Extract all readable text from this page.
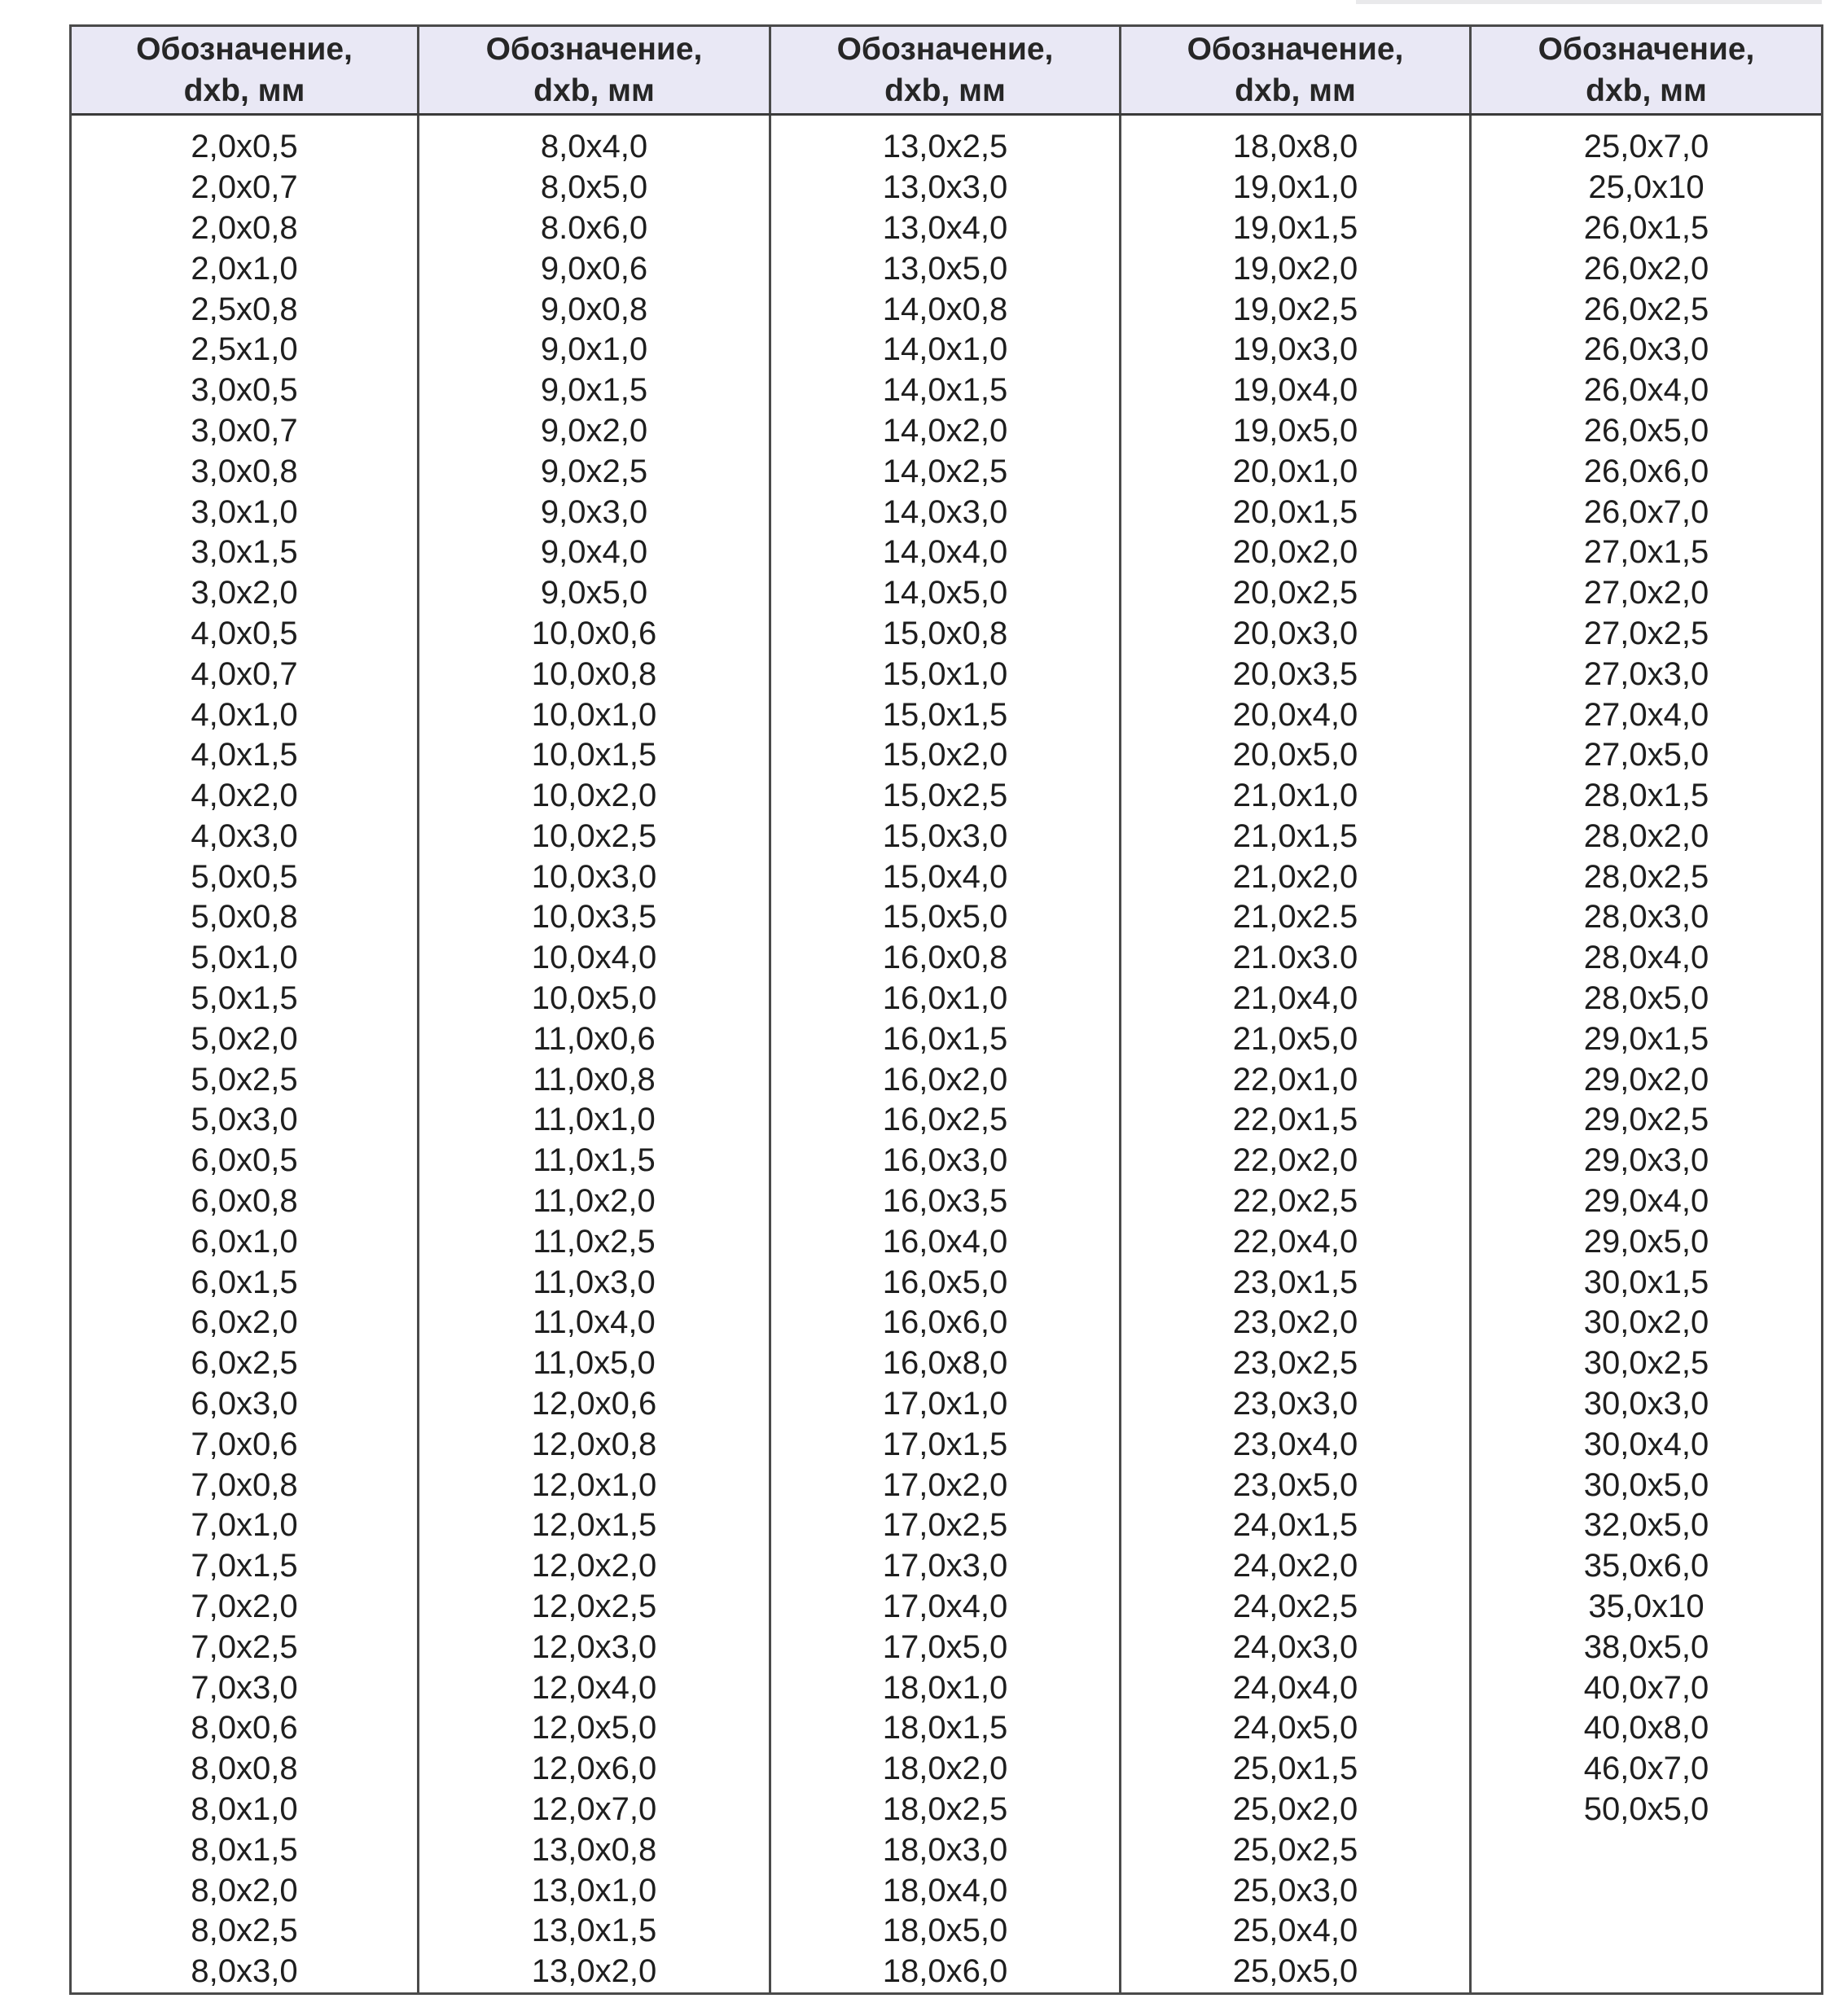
Обозначение,
dxb, мм
Обозначение,
dxb, мм
Обозначение,
dxb, мм
Обозначение,
dxb, мм
Обозначение,
dxb, мм
2,0x0,5
2,0x0,7
2,0x0,8
2,0x1,0
2,5x0,8
2,5x1,0
3,0x0,5
3,0x0,7
3,0x0,8
3,0x1,0
3,0x1,5
3,0x2,0
4,0x0,5
4,0x0,7
4,0x1,0
4,0x1,5
4,0x2,0
4,0x3,0
5,0x0,5
5,0x0,8
5,0x1,0
5,0x1,5
5,0x2,0
5,0x2,5
5,0x3,0
6,0x0,5
6,0x0,8
6,0x1,0
6,0x1,5
6,0x2,0
6,0x2,5
6,0x3,0
7,0x0,6
7,0x0,8
7,0x1,0
7,0x1,5
7,0x2,0
7,0x2,5
7,0x3,0
8,0x0,6
8,0x0,8
8,0x1,0
8,0x1,5
8,0x2,0
8,0x2,5
8,0x3,0
8,0x4,0
8,0x5,0
8.0x6,0
9,0x0,6
9,0x0,8
9,0x1,0
9,0x1,5
9,0x2,0
9,0x2,5
9,0x3,0
9,0x4,0
9,0x5,0
10,0x0,6
10,0x0,8
10,0x1,0
10,0x1,5
10,0x2,0
10,0x2,5
10,0x3,0
10,0x3,5
10,0x4,0
10,0x5,0
11,0x0,6
11,0x0,8
11,0x1,0
11,0x1,5
11,0x2,0
11,0x2,5
11,0x3,0
11,0x4,0
11,0x5,0
12,0x0,6
12,0x0,8
12,0x1,0
12,0x1,5
12,0x2,0
12,0x2,5
12,0x3,0
12,0x4,0
12,0x5,0
12,0x6,0
12,0x7,0
13,0x0,8
13,0x1,0
13,0x1,5
13,0x2,0
13,0x2,5
13,0x3,0
13,0x4,0
13,0x5,0
14,0x0,8
14,0x1,0
14,0x1,5
14,0x2,0
14,0x2,5
14,0x3,0
14,0x4,0
14,0x5,0
15,0x0,8
15,0x1,0
15,0x1,5
15,0x2,0
15,0x2,5
15,0x3,0
15,0x4,0
15,0x5,0
16,0x0,8
16,0x1,0
16,0x1,5
16,0x2,0
16,0x2,5
16,0x3,0
16,0x3,5
16,0x4,0
16,0x5,0
16,0x6,0
16,0x8,0
17,0x1,0
17,0x1,5
17,0x2,0
17,0x2,5
17,0x3,0
17,0x4,0
17,0x5,0
18,0x1,0
18,0x1,5
18,0x2,0
18,0x2,5
18,0x3,0
18,0x4,0
18,0x5,0
18,0x6,0
18,0x8,0
19,0x1,0
19,0x1,5
19,0x2,0
19,0x2,5
19,0x3,0
19,0x4,0
19,0x5,0
20,0x1,0
20,0x1,5
20,0x2,0
20,0x2,5
20,0x3,0
20,0x3,5
20,0x4,0
20,0x5,0
21,0x1,0
21,0x1,5
21,0x2,0
21,0x2.5
21.0x3.0
21,0x4,0
21,0x5,0
22,0x1,0
22,0x1,5
22,0x2,0
22,0x2,5
22,0x4,0
23,0x1,5
23,0x2,0
23,0x2,5
23,0x3,0
23,0x4,0
23,0x5,0
24,0x1,5
24,0x2,0
24,0x2,5
24,0x3,0
24,0x4,0
24,0x5,0
25,0x1,5
25,0x2,0
25,0x2,5
25,0x3,0
25,0x4,0
25,0x5,0
25,0x7,0
25,0x10
26,0x1,5
26,0x2,0
26,0x2,5
26,0x3,0
26,0x4,0
26,0x5,0
26,0x6,0
26,0x7,0
27,0x1,5
27,0x2,0
27,0x2,5
27,0x3,0
27,0x4,0
27,0x5,0
28,0x1,5
28,0x2,0
28,0x2,5
28,0x3,0
28,0x4,0
28,0x5,0
29,0x1,5
29,0x2,0
29,0x2,5
29,0x3,0
29,0x4,0
29,0x5,0
30,0x1,5
30,0x2,0
30,0x2,5
30,0x3,0
30,0x4,0
30,0x5,0
32,0x5,0
35,0x6,0
35,0x10
38,0x5,0
40,0x7,0
40,0x8,0
46,0x7,0
50,0x5,0
